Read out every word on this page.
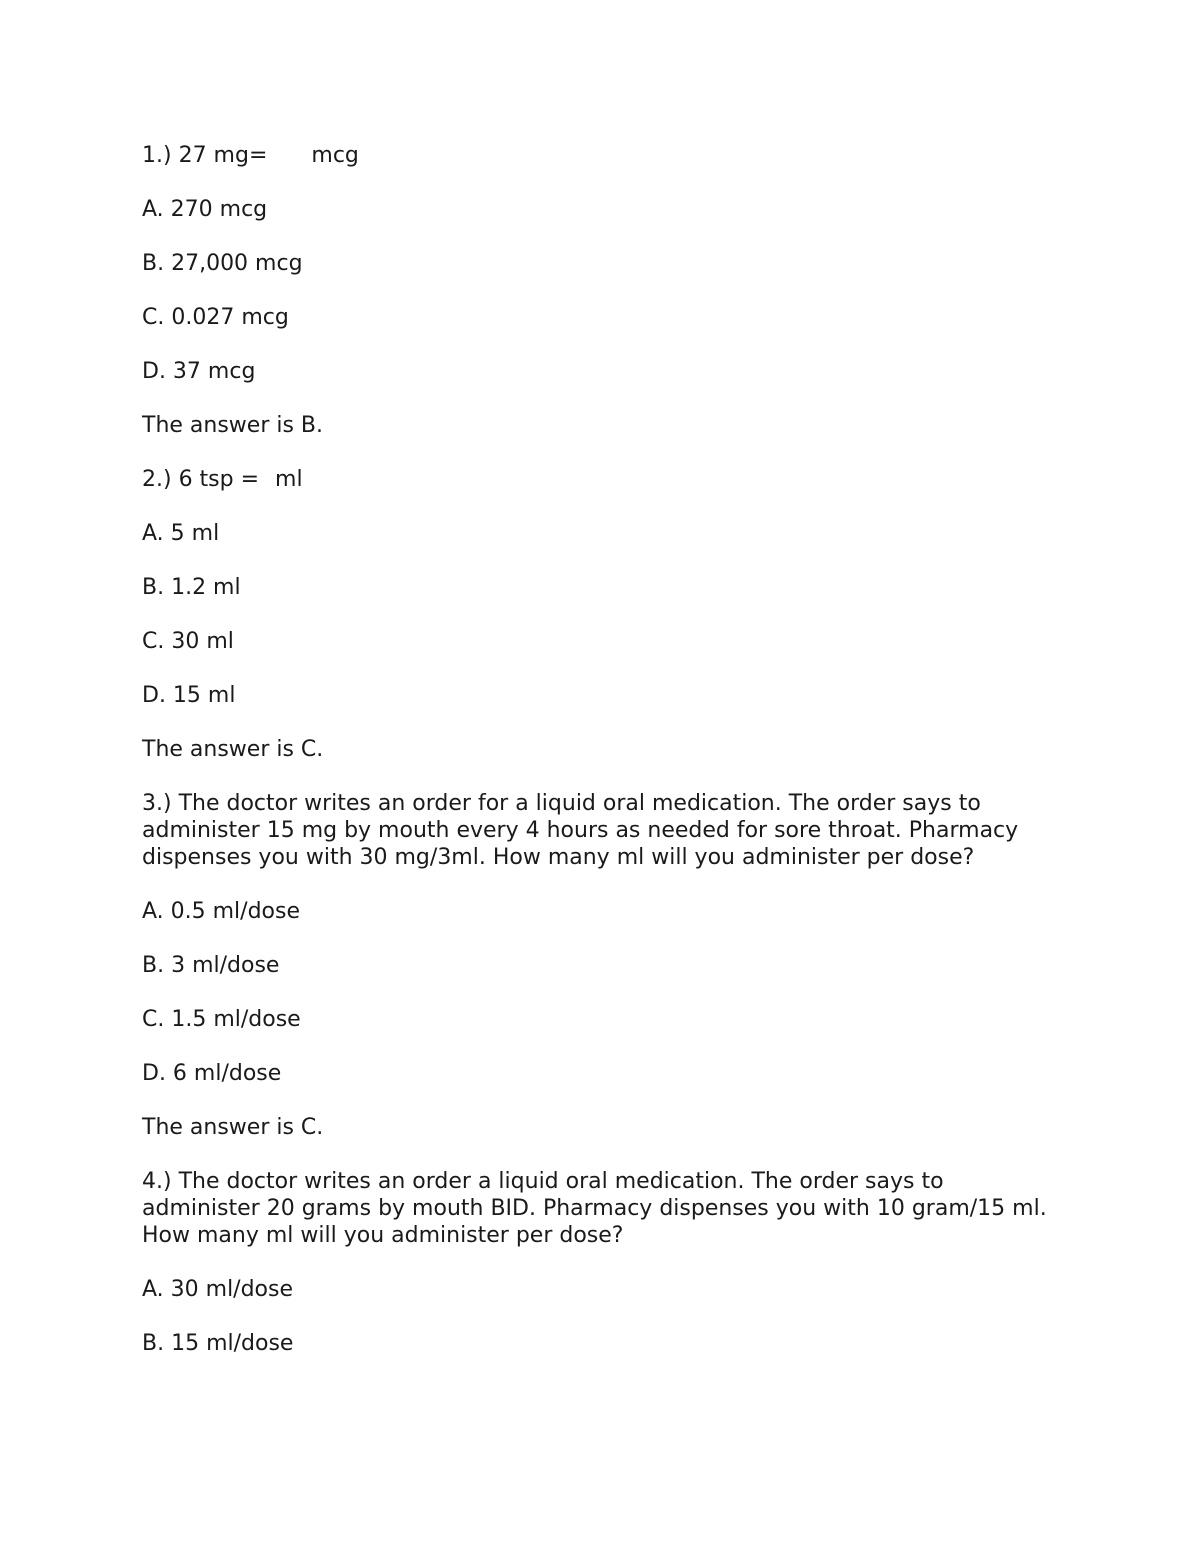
1.) 27 mg= mcg

A. 270 mcg

B. 27,000 mcg

C. 0.027 mcg

D. 37 mcg

The answer is B.

2.) 6 tsp = ml

A. 5 ml

B. 1.2 ml

C. 30 ml

D. 15 ml

The answer is C.

3.) The doctor writes an order for a liquid oral medication. The order says to administer 15 mg by mouth every 4 hours as needed for sore throat. Pharmacy dispenses you with 30 mg/3ml. How many ml will you administer per dose?

A. 0.5 ml/dose

B. 3 ml/dose

C. 1.5 ml/dose

D. 6 ml/dose

The answer is C.

4.) The doctor writes an order a liquid oral medication. The order says to administer 20 grams by mouth BID. Pharmacy dispenses you with 10 gram/15 ml. How many ml will you administer per dose?

A. 30 ml/dose

B. 15 ml/dose
